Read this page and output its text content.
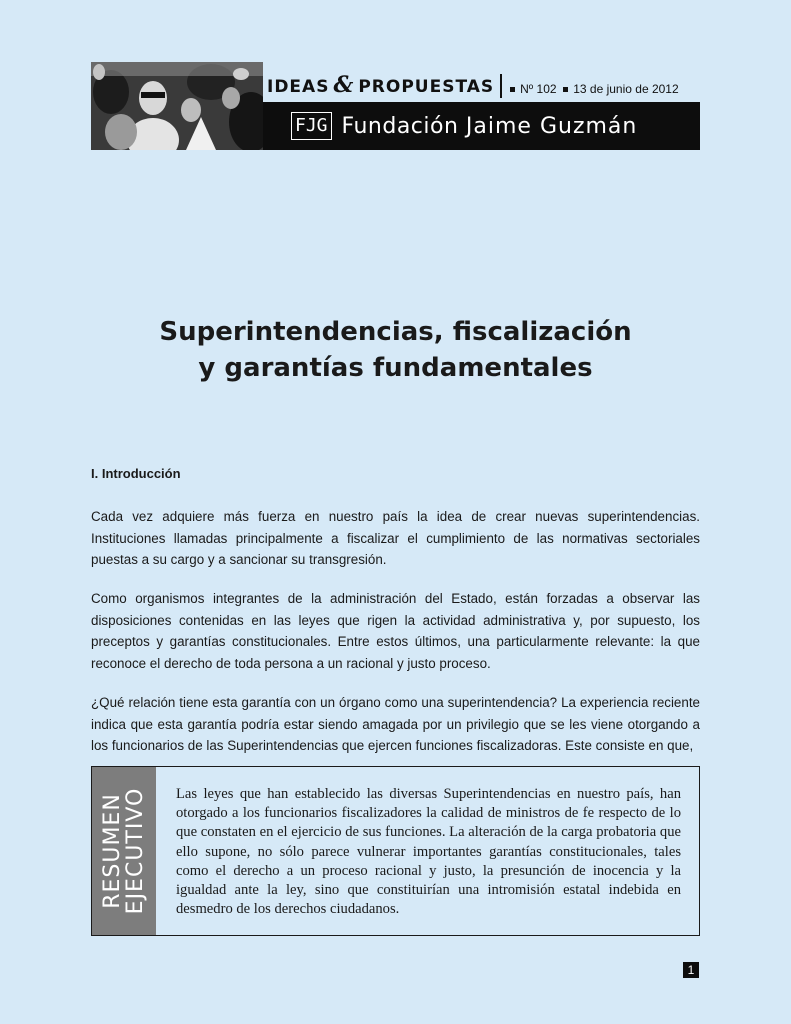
IDEAS & PROPUESTAS	Nº 102 13 de junio de 2012
FJG Fundación Jaime Guzmán
Superintendencias, fiscalización
y garantías fundamentales
I. Introducción

Cada vez adquiere más fuerza en nuestro país la idea de crear nuevas superintendencias. Instituciones llamadas principalmente a fiscalizar el cumplimiento de las normativas sectoriales puestas a su cargo y a sancionar su transgresión.

Como organismos integrantes de la administración del Estado, están forzadas a observar las disposiciones contenidas en las leyes que rigen la actividad administrativa y, por supuesto, los preceptos y garantías constitucionales. Entre estos últimos, una particularmente relevante: la que reconoce el derecho de toda persona a un racional y justo proceso.

¿Qué relación tiene esta garantía con un órgano como una superintendencia? La experiencia reciente indica que esta garantía podría estar siendo amagada por un privilegio que se les viene otorgando a los funcionarios de las Superintendencias que ejercen funciones fiscalizadoras. Este consiste en que,

RESUMEN
EJECUTIVO	Las leyes que han establecido las diversas Superintendencias en nuestro país, han otorgado a los funcionarios fiscalizadores la calidad de ministros de fe respecto de lo que constaten en el ejercicio de sus funciones. La alteración de la carga probatoria que ello supone, no sólo parece vulnerar importantes garantías constitucionales, tales como el derecho a un proceso racional y justo, la presunción de inocencia y la igualdad ante la ley, sino que constituirían una intromisión estatal indebida en desmedro de los derechos ciudadanos.
1
